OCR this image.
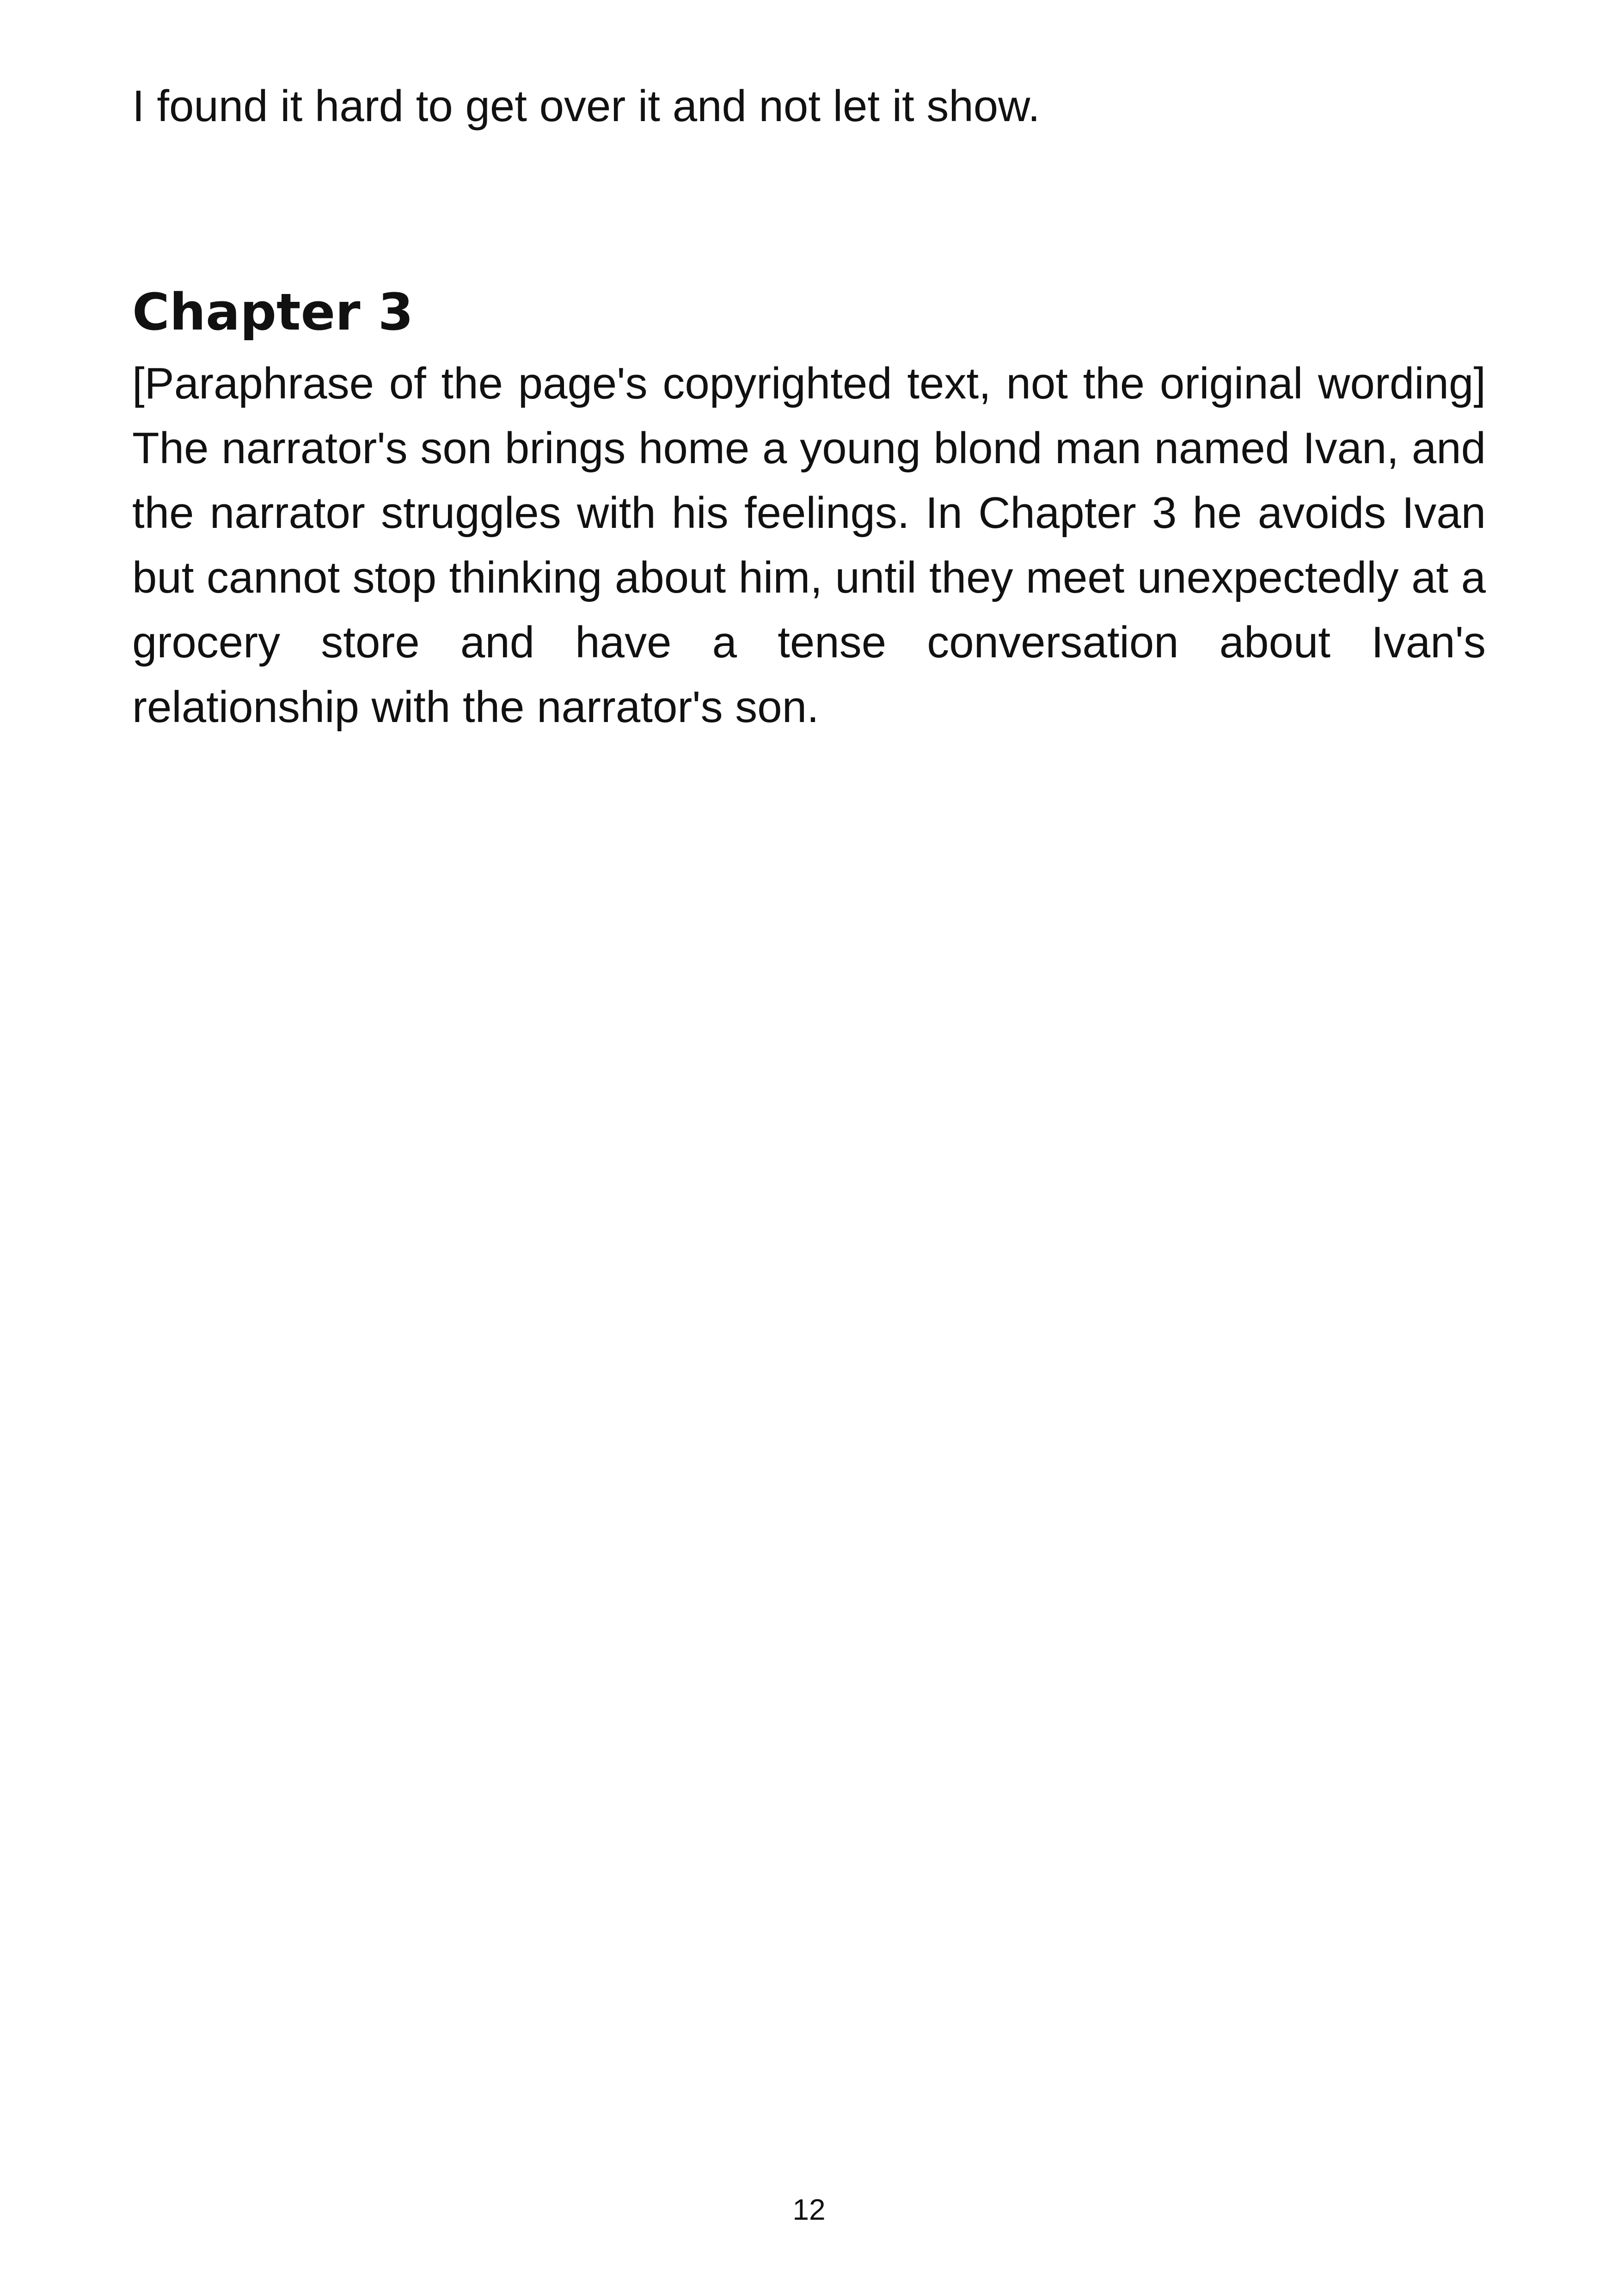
I found it hard to get over it and not let it show.

Chapter 3

[Paraphrase of the page's copyrighted text, not the original wording] The narrator's son brings home a young blond man named Ivan, and the narrator struggles with his feelings. In Chapter 3 he avoids Ivan but cannot stop thinking about him, until they meet unexpectedly at a grocery store and have a tense conversation about Ivan's relationship with the narrator's son.

12
